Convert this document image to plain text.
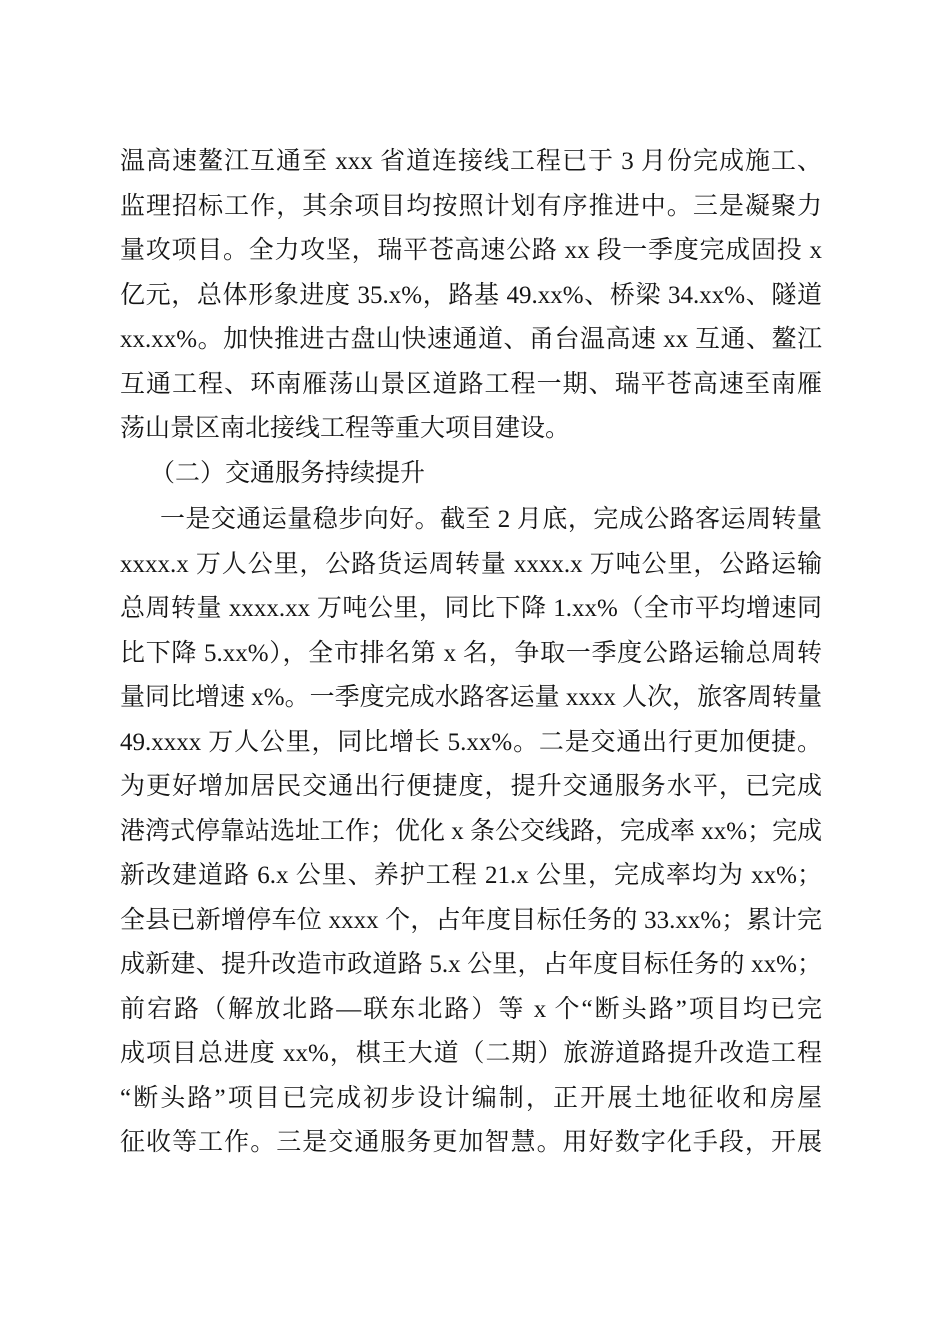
温高速鳌江互通至 xxx 省道连接线工程已于 3 月份完成施工、
监理招标工作，其余项目均按照计划有序推进中。三是凝聚力
量攻项目。全力攻坚，瑞平苍高速公路 xx 段一季度完成固投 x
亿元，总体形象进度 35.x%，路基 49.xx%、桥梁 34.xx%、隧道
xx.xx%。加快推进古盘山快速通道、甬台温高速 xx 互通、鳌江
互通工程、环南雁荡山景区道路工程一期、瑞平苍高速至南雁
荡山景区南北接线工程等重大项目建设。
（二）交通服务持续提升
一是交通运量稳步向好。截至 2 月底，完成公路客运周转量
xxxx.x 万人公里，公路货运周转量 xxxx.x 万吨公里，公路运输
总周转量 xxxx.xx 万吨公里，同比下降 1.xx%（全市平均增速同
比下降 5.xx%），全市排名第 x 名，争取一季度公路运输总周转
量同比增速 x%。一季度完成水路客运量 xxxx 人次，旅客周转量
49.xxxx 万人公里，同比增长 5.xx%。二是交通出行更加便捷。
为更好增加居民交通出行便捷度，提升交通服务水平，已完成
港湾式停靠站选址工作；优化 x 条公交线路，完成率 xx%；完成
新改建道路 6.x 公里、养护工程 21.x 公里，完成率均为 xx%；
全县已新增停车位 xxxx 个，占年度目标任务的 33.xx%；累计完
成新建、提升改造市政道路 5.x 公里，占年度目标任务的 xx%；
前宕路（解放北路—联东北路）等 x 个“断头路”项目均已完
成项目总进度 xx%，棋王大道（二期）旅游道路提升改造工程
“断头路”项目已完成初步设计编制，正开展土地征收和房屋
征收等工作。三是交通服务更加智慧。用好数字化手段，开展
